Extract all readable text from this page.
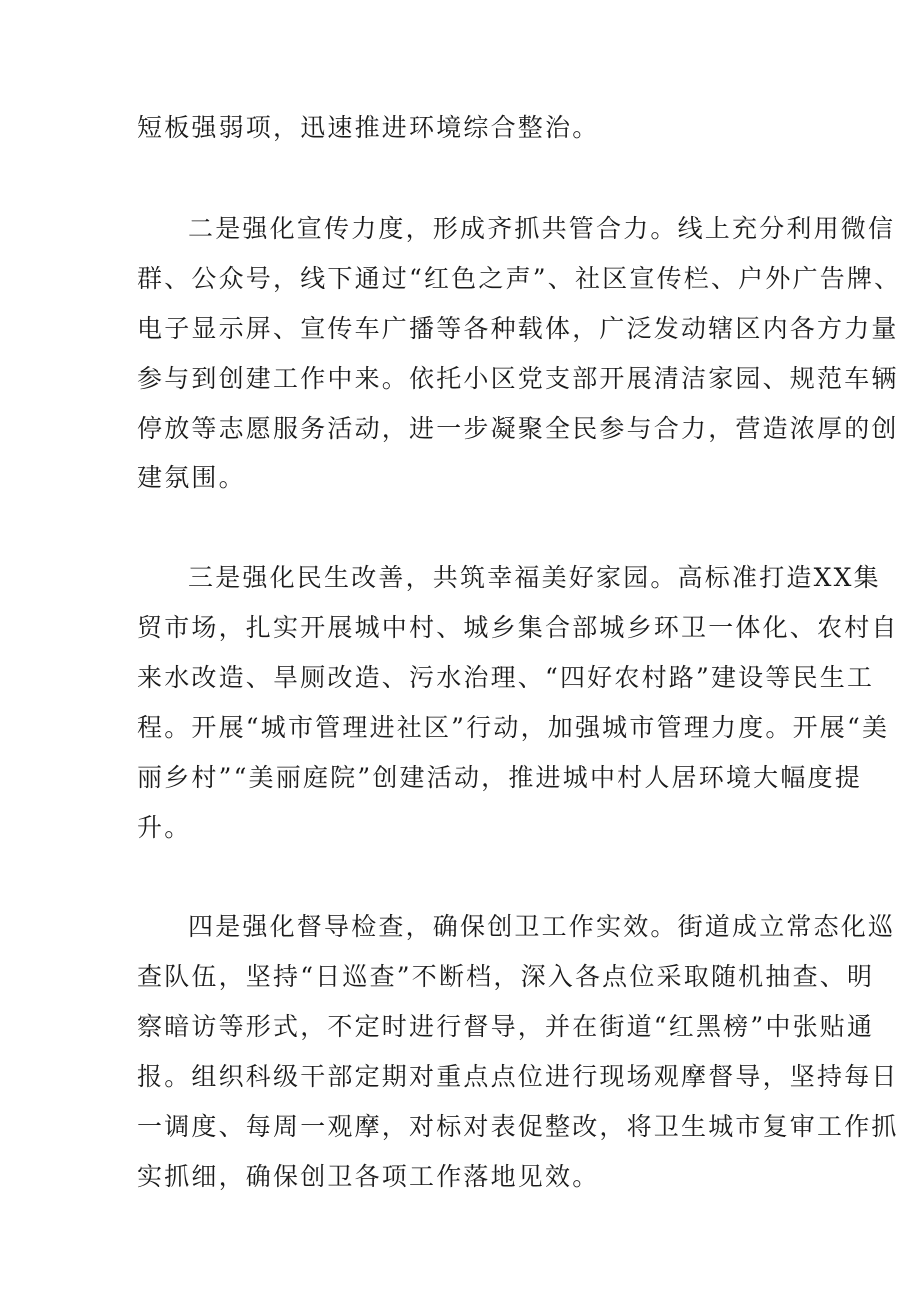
短板强弱项，迅速推进环境综合整治。
二是强化宣传力度，形成齐抓共管合力。线上充分利用微信
群、公众号，线下通过“红色之声”、社区宣传栏、户外广告牌、
电子显示屏、宣传车广播等各种载体，广泛发动辖区内各方力量
参与到创建工作中来。依托小区党支部开展清洁家园、规范车辆
停放等志愿服务活动，进一步凝聚全民参与合力，营造浓厚的创
建氛围。
三是强化民生改善，共筑幸福美好家园。高标准打造XX集
贸市场，扎实开展城中村、城乡集合部城乡环卫一体化、农村自
来水改造、旱厕改造、污水治理、“四好农村路”建设等民生工
程。开展“城市管理进社区”行动，加强城市管理力度。开展“美
丽乡村”“美丽庭院”创建活动，推进城中村人居环境大幅度提
升。
四是强化督导检查，确保创卫工作实效。街道成立常态化巡
查队伍，坚持“日巡查”不断档，深入各点位采取随机抽查、明
察暗访等形式，不定时进行督导，并在街道“红黑榜”中张贴通
报。组织科级干部定期对重点点位进行现场观摩督导，坚持每日
一调度、每周一观摩，对标对表促整改，将卫生城市复审工作抓
实抓细，确保创卫各项工作落地见效。
